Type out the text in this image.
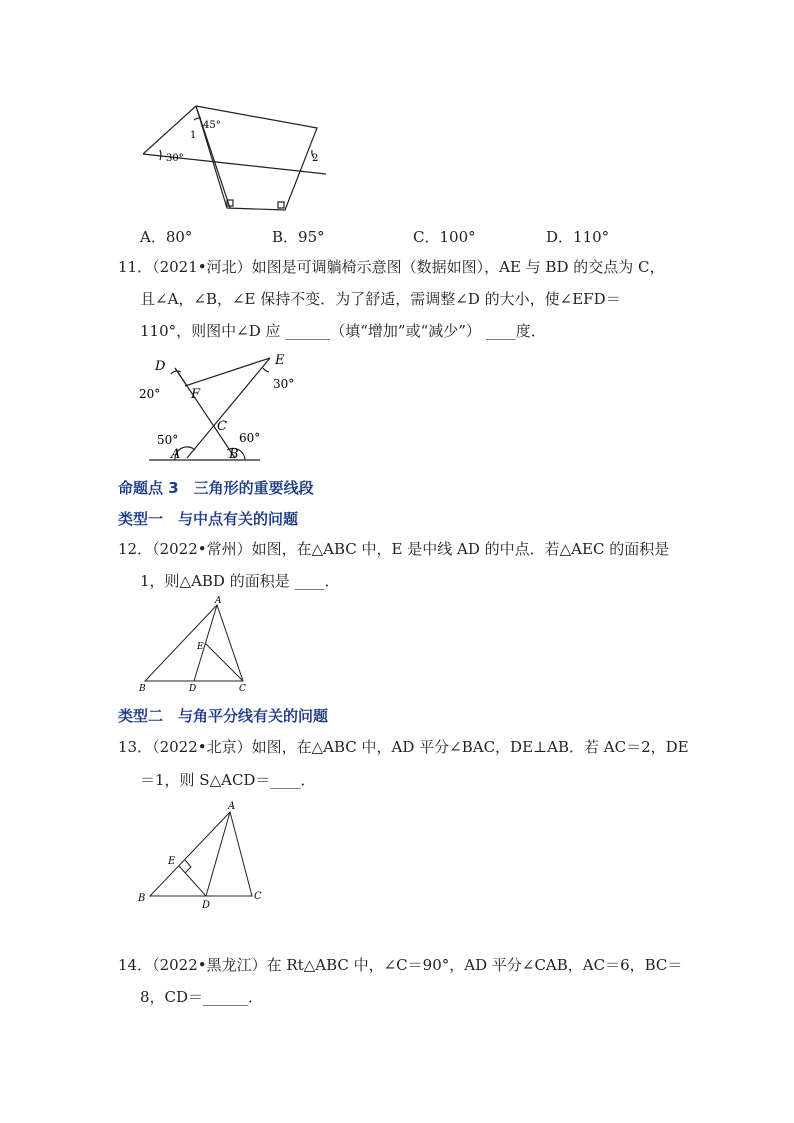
45°
30°
1
2
A．80°	B．95°	C．100°	D．110°
11．（2021•河北）如图是可调躺椅示意图（数据如图），AE 与 BD 的交点为 C，
且∠A，∠B，∠E 保持不变．为了舒适，需调整∠D 的大小，使∠EFD＝
110°，则图中∠D 应 ______（填“增加”或“减少”） ____度．
D	E
F
C
A	B
20°
30°
50°	60°
命题点 3　三角形的重要线段
类型一　与中点有关的问题
12．（2022•常州）如图，在△ABC 中，E 是中线 AD 的中点．若△AEC 的面积是
1，则△ABD 的面积是 ____．
A
B	C
D
E
类型二　与角平分线有关的问题
13．（2022•北京）如图，在△ABC 中，AD 平分∠BAC，DE⊥AB．若 AC＝2，DE
＝1，则 S△ACD＝____．
A
B	C
D
E
14．（2022•黑龙江）在 Rt△ABC 中，∠C＝90°，AD 平分∠CAB，AC＝6，BC＝
8，CD＝______．
